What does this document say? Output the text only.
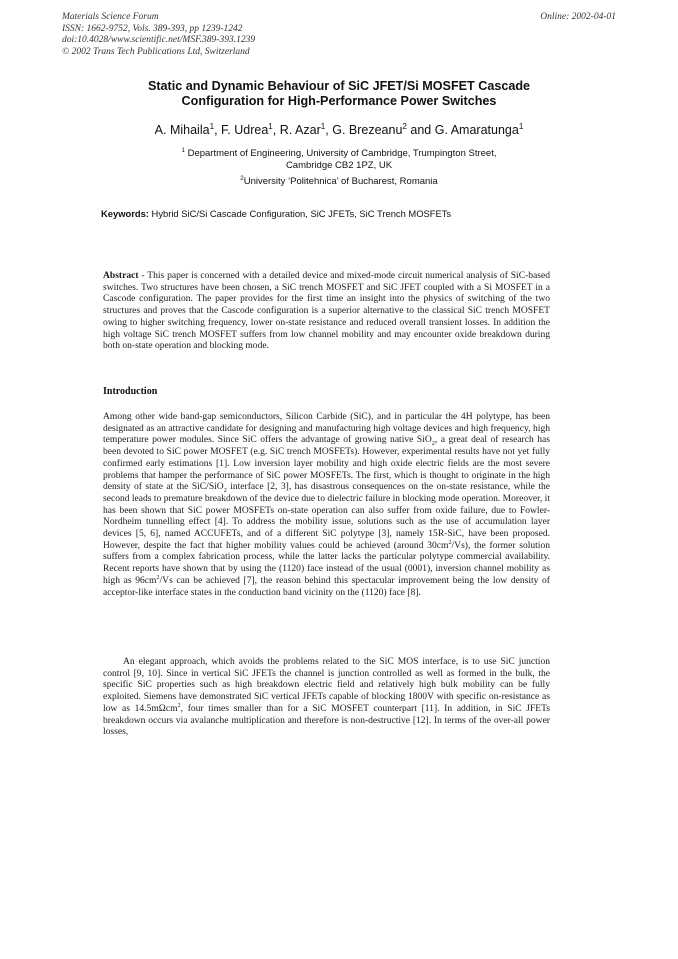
Materials Science Forum
ISSN: 1662-9752, Vols. 389-393, pp 1239-1242
doi:10.4028/www.scientific.net/MSF.389-393.1239
© 2002 Trans Tech Publications Ltd, Switzerland
Online: 2002-04-01
Static and Dynamic Behaviour of SiC JFET/Si MOSFET Cascade
Configuration for High-Performance Power Switches
A. Mihaila$^1$, F. Udrea$^1$, R. Azar$^1$, G. Brezeanu$^2$ and G. Amaratunga$^1$
$^1$ Department of Engineering, University of Cambridge, Trumpington Street,
Cambridge CB2 1PZ, UK
$^2$University ‘Politehnica’ of Bucharest, Romania
Keywords: Hybrid SiC/Si Cascade Configuration, SiC JFETs, SiC Trench MOSFETs
Abstract - This paper is concerned with a detailed device and mixed-mode circuit numerical analysis of SiC-based switches. Two structures have been chosen, a SiC trench MOSFET and SiC JFET coupled with a Si MOSFET in a Cascode configuration. The paper provides for the first time an insight into the physics of switching of the two structures and proves that the Cascode configuration is a superior alternative to the classical SiC trench MOSFET owing to higher switching frequency, lower on-state resistance and reduced overall transient losses. In addition the high voltage SiC trench MOSFET suffers from low channel mobility and may encounter oxide breakdown during both on-state operation and blocking mode.
Introduction
Among other wide band-gap semiconductors, Silicon Carbide (SiC), and in particular the 4H polytype, has been designated as an attractive candidate for designing and manufacturing high voltage devices and high frequency, high temperature power modules. Since SiC offers the advantage of growing native SiO$_2$, a great deal of research has been devoted to SiC power MOSFET (e.g. SiC trench MOSFETs). However, experimental results have not yet fully confirmed early estimations [1]. Low inversion layer mobility and high oxide electric fields are the most severe problems that hamper the performance of SiC power MOSFETs. The first, which is thought to originate in the high density of state at the SiC/SiO$_2$ interface [2, 3], has disastrous consequences on the on-state resistance, while the second leads to premature breakdown of the device due to dielectric failure in blocking mode operation. Moreover, it has been shown that SiC power MOSFETs on-state operation can also suffer from oxide failure, due to Fowler-Nordheim tunnelling effect [4]. To address the mobility issue, solutions such as the use of accumulation layer devices [5, 6], named ACCUFETs, and of a different SiC polytype [3], namely 15R-SiC, have been proposed. However, despite the fact that higher mobility values could be achieved (around $30cm^2/Vs$), the former solution suffers from a complex fabrication process, while the latter lacks the particular polytype commercial availability. Recent reports have shown that by using the (1120) face instead of the usual (0001), inversion channel mobility as high as $96cm^2/Vs$ can be achieved [7], the reason behind this spectacular improvement being the low density of acceptor-like interface states in the conduction band vicinity on the (1120) face [8].
An elegant approach, which avoids the problems related to the SiC MOS interface, is to use SiC junction control [9, 10]. Since in vertical SiC JFETs the channel is junction controlled as well as formed in the bulk, the specific SiC properties such as high breakdown electric field and relatively high bulk mobility can be fully exploited. Siemens have demonstrated SiC vertical JFETs capable of blocking 1800V with specific on-resistance as low as 14.5mΩcm$^2$, four times smaller than for a SiC MOSFET counterpart [11]. In addition, in SiC JFETs breakdown occurs via avalanche multiplication and therefore is non-destructive [12]. In terms of the over-all power losses,
